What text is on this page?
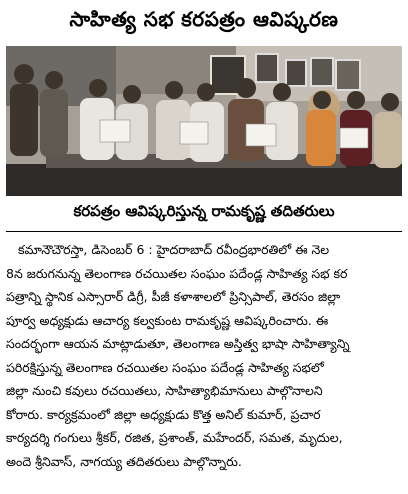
సాహిత్య సభ కరపత్రం ఆవిష్కరణ
కరపత్రం ఆవిష్కరిస్తున్న రామకృష్ణ తదితరులు
కమానౌచౌరస్తా, డిసెంబర్ 6 : హైదరాబాద్ రవీంద్రభారతిలో ఈ నెల
8న జరుగనున్న తెలంగాణ రచయితల సంఘం పదేండ్ల సాహిత్య సభ కర
పత్రాన్ని స్థానిక ఎస్సారార్ డిగ్రీ, పీజీ కళాశాలలో ప్రిన్సిపాల్, తెరసం జిల్లా
పూర్వ అధ్యక్షుడు ఆచార్య కల్వకుంట రామకృష్ణ ఆవిష్కరించారు. ఈ
సందర్భంగా ఆయన మాట్లాడుతూ, తెలంగాణ అస్తిత్వ భాషా సాహిత్యాన్ని
పరిరక్షిస్తున్న తెలంగాణ రచయితల సంఘం పదేండ్ల సాహిత్య సభలో
జిల్లా నుంచి కవులు రచయితలు, సాహిత్యాభిమానులు పాల్గొనాలని
కోరారు. కార్యక్రమంలో జిల్లా అధ్యక్షుడు కొత్త అనిల్ కుమార్, ప్రచార
కార్యదర్శి గంగులు శ్రీకర్, రజిత, ప్రశాంత్, మహేందర్, సమత, మృదుల,
అందె శ్రీనివాస్, నాగయ్య తదితరులు పాల్గొన్నారు.
